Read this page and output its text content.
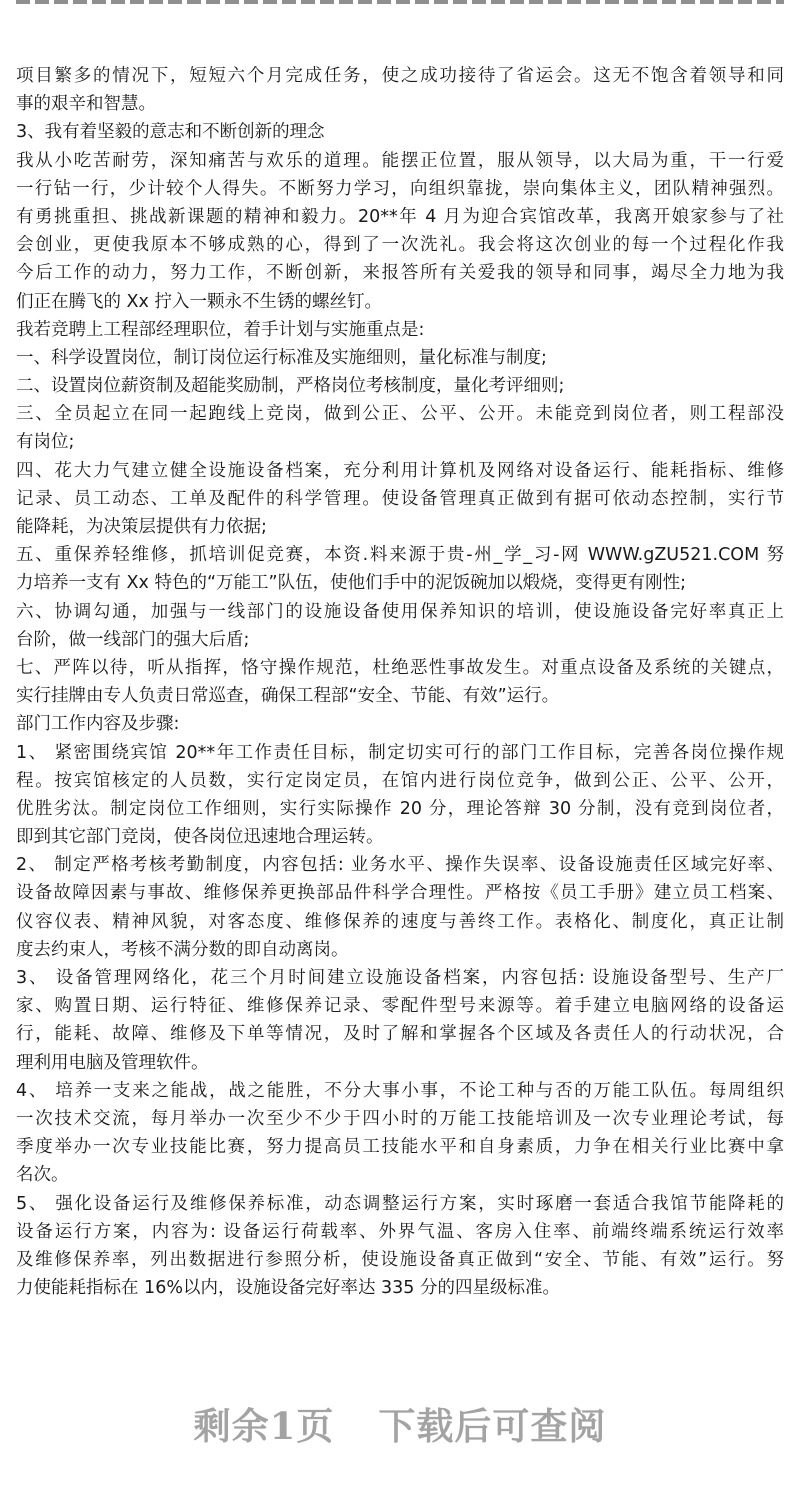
项目繁多的情况下，短短六个月完成任务，使之成功接待了省运会。这无不饱含着领导和同
事的艰辛和智慧。
3、我有着坚毅的意志和不断创新的理念
我从小吃苦耐劳，深知痛苦与欢乐的道理。能摆正位置，服从领导，以大局为重，干一行爱
一行钻一行，少计较个人得失。不断努力学习，向组织靠拢，崇向集体主义，团队精神强烈。
有勇挑重担、挑战新课题的精神和毅力。20**年 4 月为迎合宾馆改革，我离开娘家参与了社
会创业，更使我原本不够成熟的心，得到了一次洗礼。我会将这次创业的每一个过程化作我
今后工作的动力，努力工作，不断创新，来报答所有关爱我的领导和同事，竭尽全力地为我
们正在腾飞的 Xx 拧入一颗永不生锈的螺丝钉。
我若竞聘上工程部经理职位，着手计划与实施重点是:
一、科学设置岗位，制订岗位运行标准及实施细则，量化标准与制度;
二、设置岗位薪资制及超能奖励制，严格岗位考核制度，量化考评细则;
三、全员起立在同一起跑线上竞岗，做到公正、公平、公开。未能竞到岗位者，则工程部没
有岗位;
四、花大力气建立健全设施设备档案，充分利用计算机及网络对设备运行、能耗指标、维修
记录、员工动态、工单及配件的科学管理。使设备管理真正做到有据可依动态控制，实行节
能降耗，为决策层提供有力依据;
五、重保养轻维修，抓培训促竞赛，本资.料来源于贵-州_学_习-网 WWW.gZU521.COM 努
力培养一支有 Xx 特色的“万能工”队伍，使他们手中的泥饭碗加以煅烧，变得更有刚性;
六、协调勾通，加强与一线部门的设施设备使用保养知识的培训，使设施设备完好率真正上
台阶，做一线部门的强大后盾;
七、严阵以待，听从指挥，恪守操作规范，杜绝恶性事故发生。对重点设备及系统的关键点，
实行挂牌由专人负责日常巡查，确保工程部“安全、节能、有效”运行。
部门工作内容及步骤:
1、 紧密围绕宾馆 20**年工作责任目标，制定切实可行的部门工作目标，完善各岗位操作规
程。按宾馆核定的人员数，实行定岗定员，在馆内进行岗位竞争，做到公正、公平、公开，
优胜劣汰。制定岗位工作细则，实行实际操作 20 分，理论答辩 30 分制，没有竞到岗位者，
即到其它部门竞岗，使各岗位迅速地合理运转。
2、 制定严格考核考勤制度，内容包括: 业务水平、操作失误率、设备设施责任区域完好率、
设备故障因素与事故、维修保养更换部品件科学合理性。严格按《员工手册》建立员工档案、
仪容仪表、精神风貌，对客态度、维修保养的速度与善终工作。表格化、制度化，真正让制
度去约束人，考核不满分数的即自动离岗。
3、 设备管理网络化，花三个月时间建立设施设备档案，内容包括: 设施设备型号、生产厂
家、购置日期、运行特征、维修保养记录、零配件型号来源等。着手建立电脑网络的设备运
行，能耗、故障、维修及下单等情况，及时了解和掌握各个区域及各责任人的行动状况，合
理利用电脑及管理软件。
4、 培养一支来之能战，战之能胜，不分大事小事，不论工种与否的万能工队伍。每周组织
一次技术交流，每月举办一次至少不少于四小时的万能工技能培训及一次专业理论考试，每
季度举办一次专业技能比赛，努力提高员工技能水平和自身素质，力争在相关行业比赛中拿
名次。
5、 强化设备运行及维修保养标准，动态调整运行方案，实时琢磨一套适合我馆节能降耗的
设备运行方案，内容为: 设备运行荷载率、外界气温、客房入住率、前端终端系统运行效率
及维修保养率，列出数据进行参照分析，使设施设备真正做到“安全、节能、有效”运行。努
力使能耗指标在 16%以内，设施设备完好率达 335 分的四星级标准。
剩余1页 下载后可查阅
